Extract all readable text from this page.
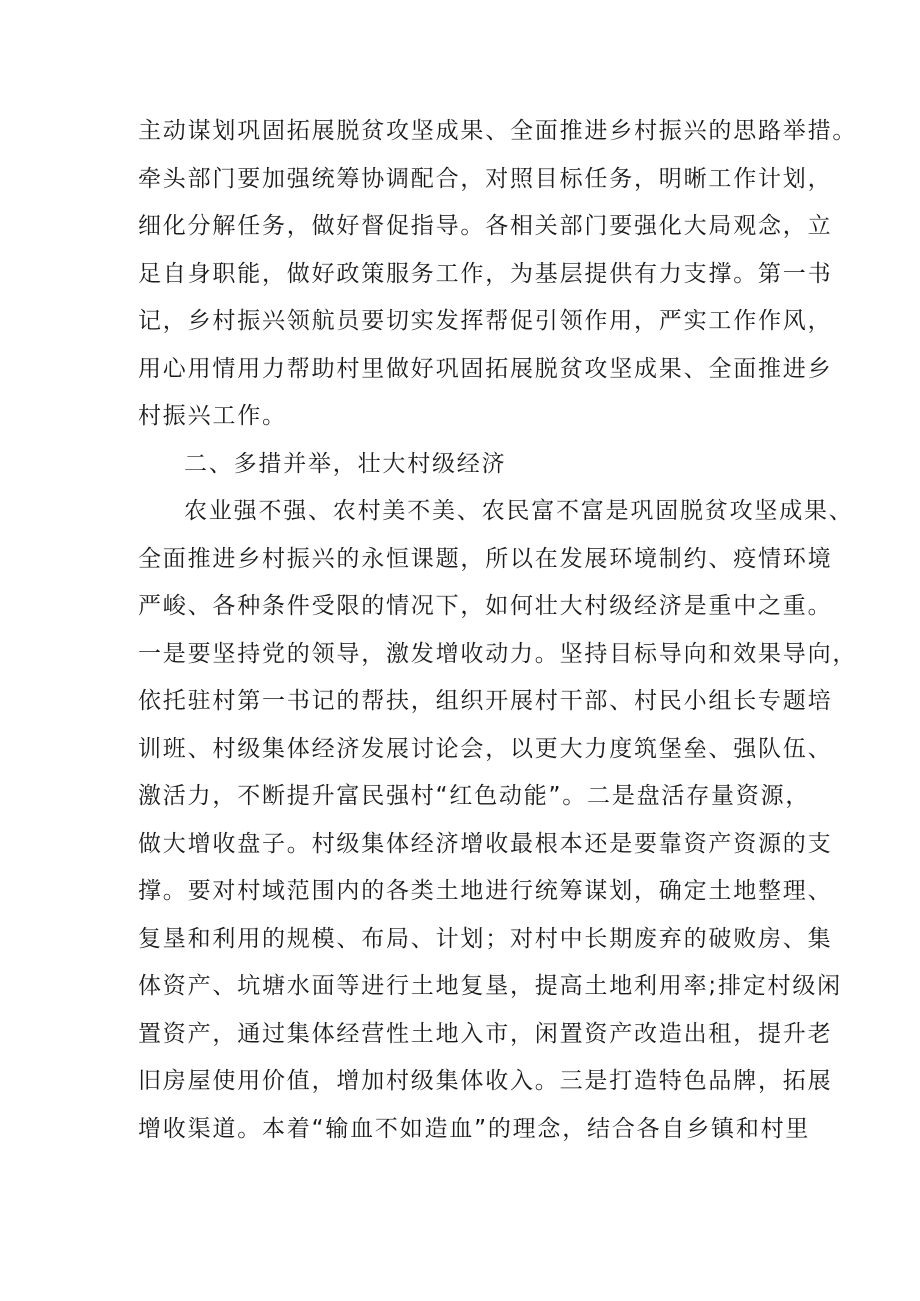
主动谋划巩固拓展脱贫攻坚成果、全面推进乡村振兴的思路举措。
牵头部门要加强统筹协调配合，对照目标任务，明晰工作计划，
细化分解任务，做好督促指导。各相关部门要强化大局观念，立
足自身职能，做好政策服务工作，为基层提供有力支撑。第一书
记，乡村振兴领航员要切实发挥帮促引领作用，严实工作作风，
用心用情用力帮助村里做好巩固拓展脱贫攻坚成果、全面推进乡
村振兴工作。
二、多措并举，壮大村级经济
农业强不强、农村美不美、农民富不富是巩固脱贫攻坚成果、
全面推进乡村振兴的永恒课题，所以在发展环境制约、疫情环境
严峻、各种条件受限的情况下，如何壮大村级经济是重中之重。
一是要坚持党的领导，激发增收动力。坚持目标导向和效果导向，
依托驻村第一书记的帮扶，组织开展村干部、村民小组长专题培
训班、村级集体经济发展讨论会，以更大力度筑堡垒、强队伍、
激活力，不断提升富民强村“红色动能”。二是盘活存量资源，
做大增收盘子。村级集体经济增收最根本还是要靠资产资源的支
撑。要对村域范围内的各类土地进行统筹谋划，确定土地整理、
复垦和利用的规模、布局、计划；对村中长期废弃的破败房、集
体资产、坑塘水面等进行土地复垦，提高土地利用率;排定村级闲
置资产，通过集体经营性土地入市，闲置资产改造出租，提升老
旧房屋使用价值，增加村级集体收入。三是打造特色品牌，拓展
增收渠道。本着“输血不如造血”的理念，结合各自乡镇和村里
